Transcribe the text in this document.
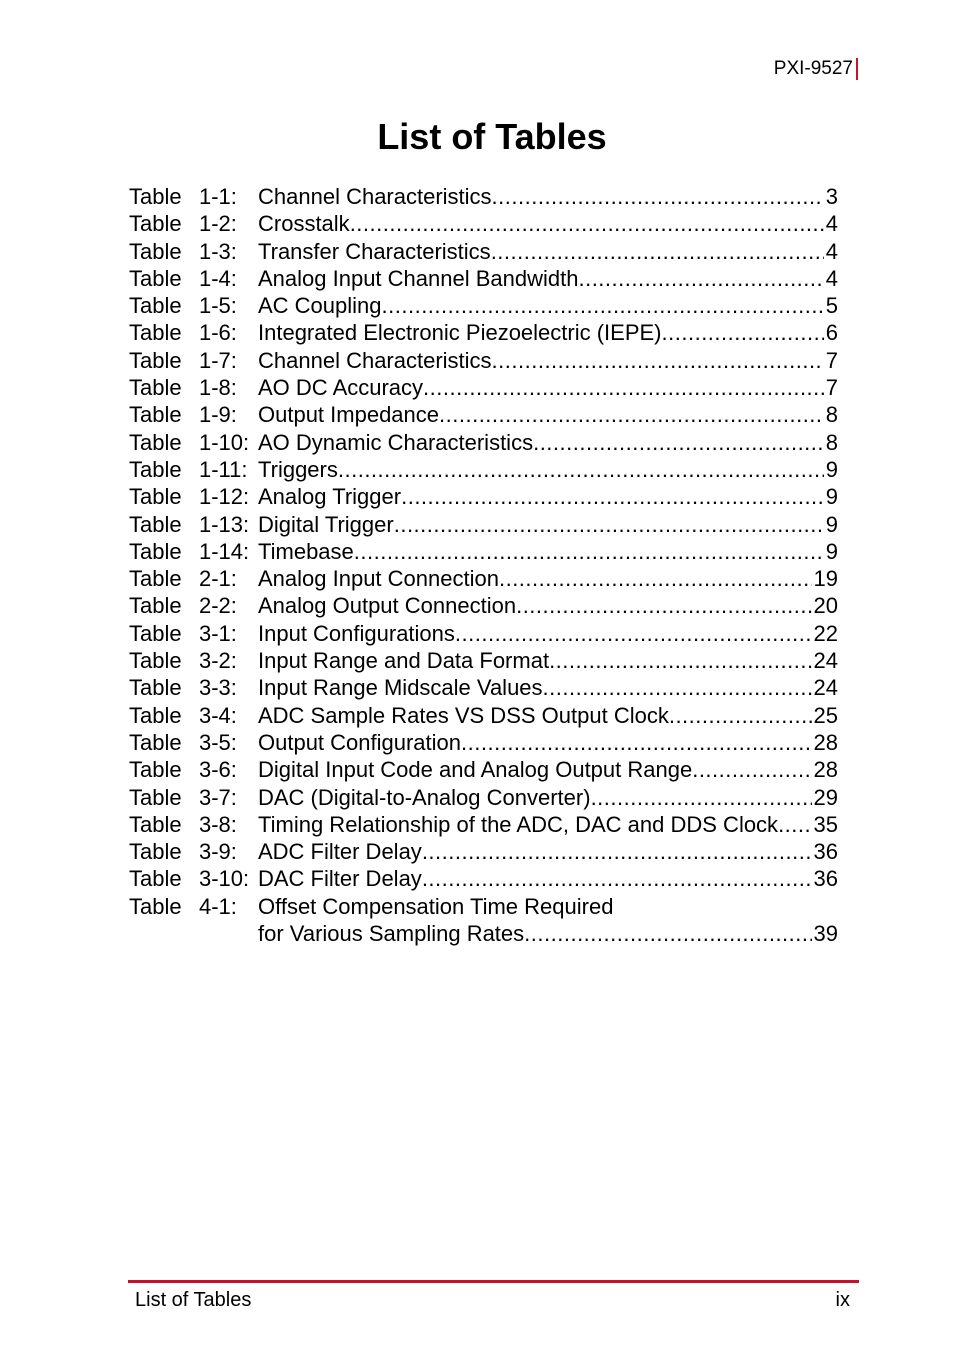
PXI-9527
List of Tables
Table 1-1: Channel Characteristics .....	3
Table 1-2: Crosstalk .....	4
Table 1-3: Transfer Characteristics .....	4
Table 1-4: Analog Input Channel Bandwidth .....	4
Table 1-5: AC Coupling .....	5
Table 1-6: Integrated Electronic Piezoelectric (IEPE) .....	6
Table 1-7: Channel Characteristics .....	7
Table 1-8: AO DC Accuracy .....	7
Table 1-9: Output Impedance .....	8
Table 1-10: AO Dynamic Characteristics .....	8
Table 1-11: Triggers .....	9
Table 1-12: Analog Trigger .....	9
Table 1-13: Digital Trigger .....	9
Table 1-14: Timebase .....	9
Table 2-1: Analog Input Connection .....	19
Table 2-2: Analog Output Connection .....	20
Table 3-1: Input Configurations .....	22
Table 3-2: Input Range and Data Format .....	24
Table 3-3: Input Range Midscale Values .....	24
Table 3-4: ADC Sample Rates VS DSS Output Clock .....	25
Table 3-5: Output Configuration .....	28
Table 3-6: Digital Input Code and Analog Output Range .....	28
Table 3-7: DAC (Digital-to-Analog Converter) .....	29
Table 3-8: Timing Relationship of the ADC, DAC and DDS Clock ..... 35
Table 3-9: ADC Filter Delay .....	36
Table 3-10: DAC Filter Delay .....	36
Table 4-1: Offset Compensation Time Required
for Various Sampling Rates .....	39
List of Tables	ix
